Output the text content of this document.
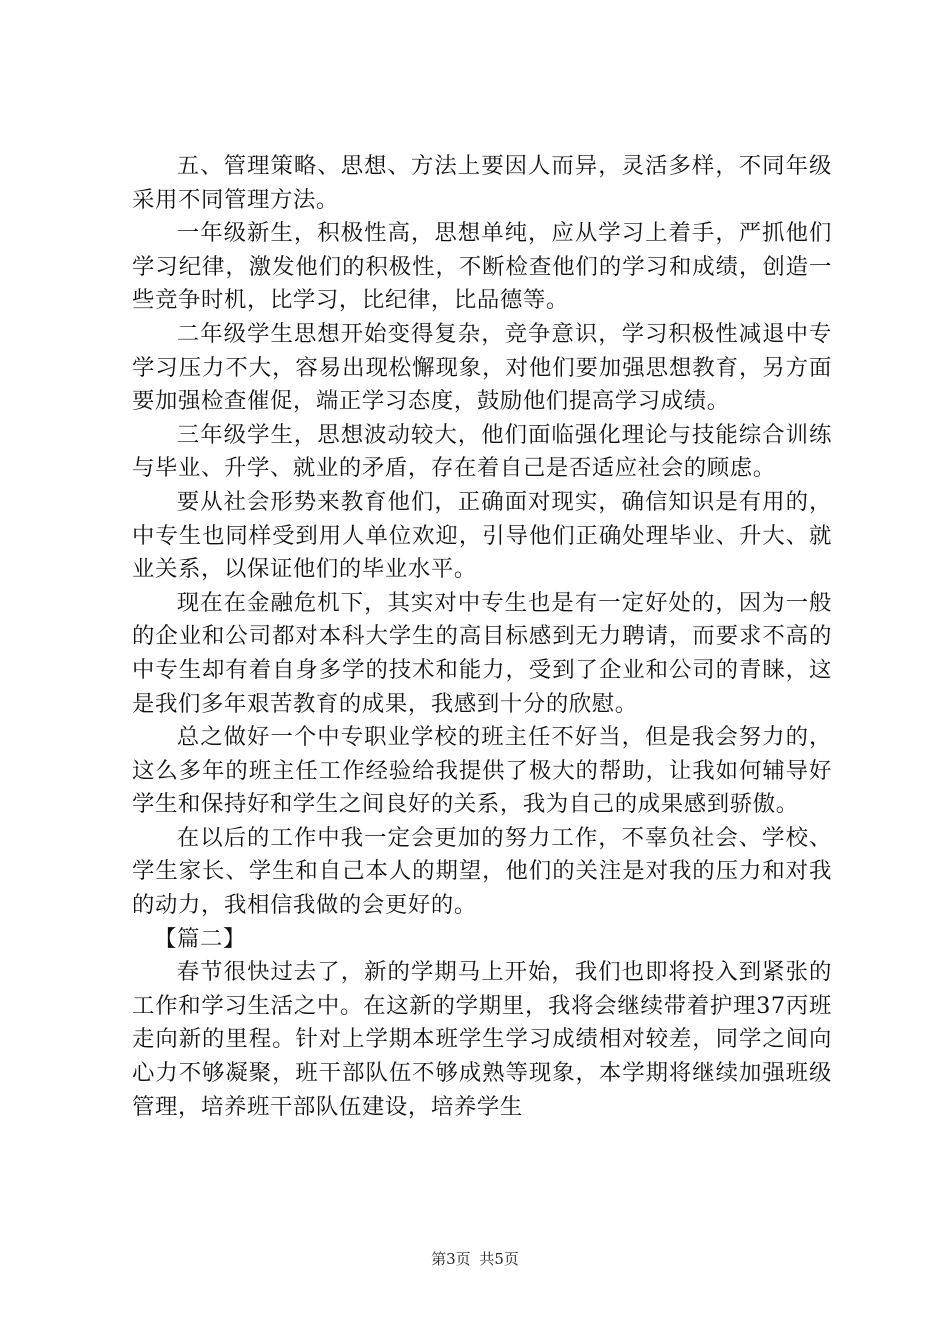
五、管理策略、思想、方法上要因人而异，灵活多样，不同年级采用不同管理方法。

一年级新生，积极性高，思想单纯，应从学习上着手，严抓他们学习纪律，激发他们的积极性，不断检查他们的学习和成绩，创造一些竞争时机，比学习，比纪律，比品德等。

二年级学生思想开始变得复杂，竞争意识，学习积极性减退中专学习压力不大，容易出现松懈现象，对他们要加强思想教育，另方面要加强检查催促，端正学习态度，鼓励他们提高学习成绩。

三年级学生，思想波动较大，他们面临强化理论与技能综合训练与毕业、升学、就业的矛盾，存在着自己是否适应社会的顾虑。

要从社会形势来教育他们，正确面对现实，确信知识是有用的，中专生也同样受到用人单位欢迎，引导他们正确处理毕业、升大、就业关系，以保证他们的毕业水平。

现在在金融危机下，其实对中专生也是有一定好处的，因为一般的企业和公司都对本科大学生的高目标感到无力聘请，而要求不高的中专生却有着自身多学的技术和能力，受到了企业和公司的青睐，这是我们多年艰苦教育的成果，我感到十分的欣慰。

总之做好一个中专职业学校的班主任不好当，但是我会努力的，这么多年的班主任工作经验给我提供了极大的帮助，让我如何辅导好学生和保持好和学生之间良好的关系，我为自己的成果感到骄傲。

在以后的工作中我一定会更加的努力工作，不辜负社会、学校、学生家长、学生和自己本人的期望，他们的关注是对我的压力和对我的动力，我相信我做的会更好的。

【篇二】

春节很快过去了，新的学期马上开始，我们也即将投入到紧张的工作和学习生活之中。在这新的学期里，我将会继续带着护理37丙班走向新的里程。针对上学期本班学生学习成绩相对较差，同学之间向心力不够凝聚，班干部队伍不够成熟等现象，本学期将继续加强班级管理，培养班干部队伍建设，培养学生

第3页 共5页
